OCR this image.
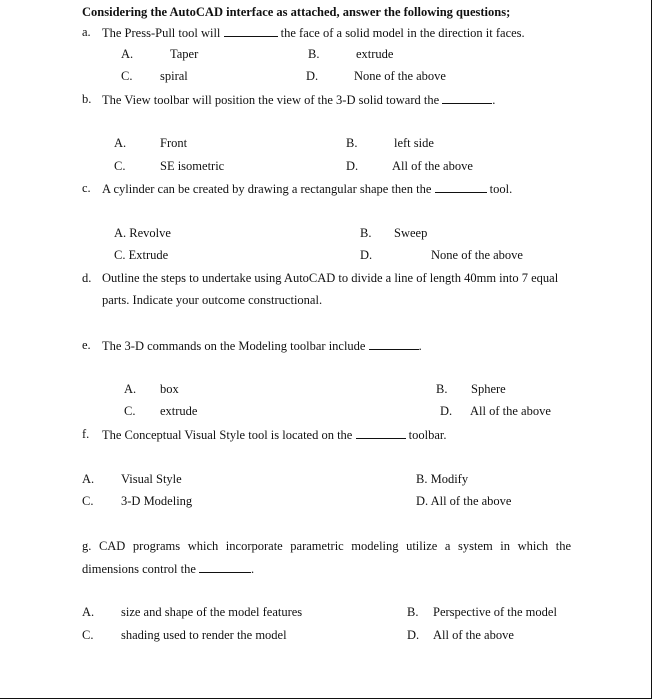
Considering the AutoCAD interface as attached, answer the following questions;
a. The Press-Pull tool will	the face of a solid model in the direction it faces.
A.	Taper	B.	extrude
C. spiral	D.	None of the above
b. The View toolbar will position the view of the 3-D solid toward the	.
A.	Front	B.	left side
C.	SE isometric	D.	All of the above
c. A cylinder can be created by drawing a rectangular shape then the	tool.
A. Revolve	B. Sweep
C. Extrude	D.	None of the above
d. Outline the steps to undertake using AutoCAD to divide a line of length 40mm into 7 equal
parts. Indicate your outcome constructional.
e. The 3-D commands on the Modeling toolbar include	.
A. box	B. Sphere
C. extrude	D. All of the above
f. The Conceptual Visual Style tool is located on the	toolbar.
A. Visual Style	B. Modify
C. 3-D Modeling	D. All of the above
g. CAD programs which incorporate parametric modeling utilize a system in which the
dimensions control the	.
A. size and shape of the model features	B. Perspective of the model
C. shading used to render the model	D. All of the above
